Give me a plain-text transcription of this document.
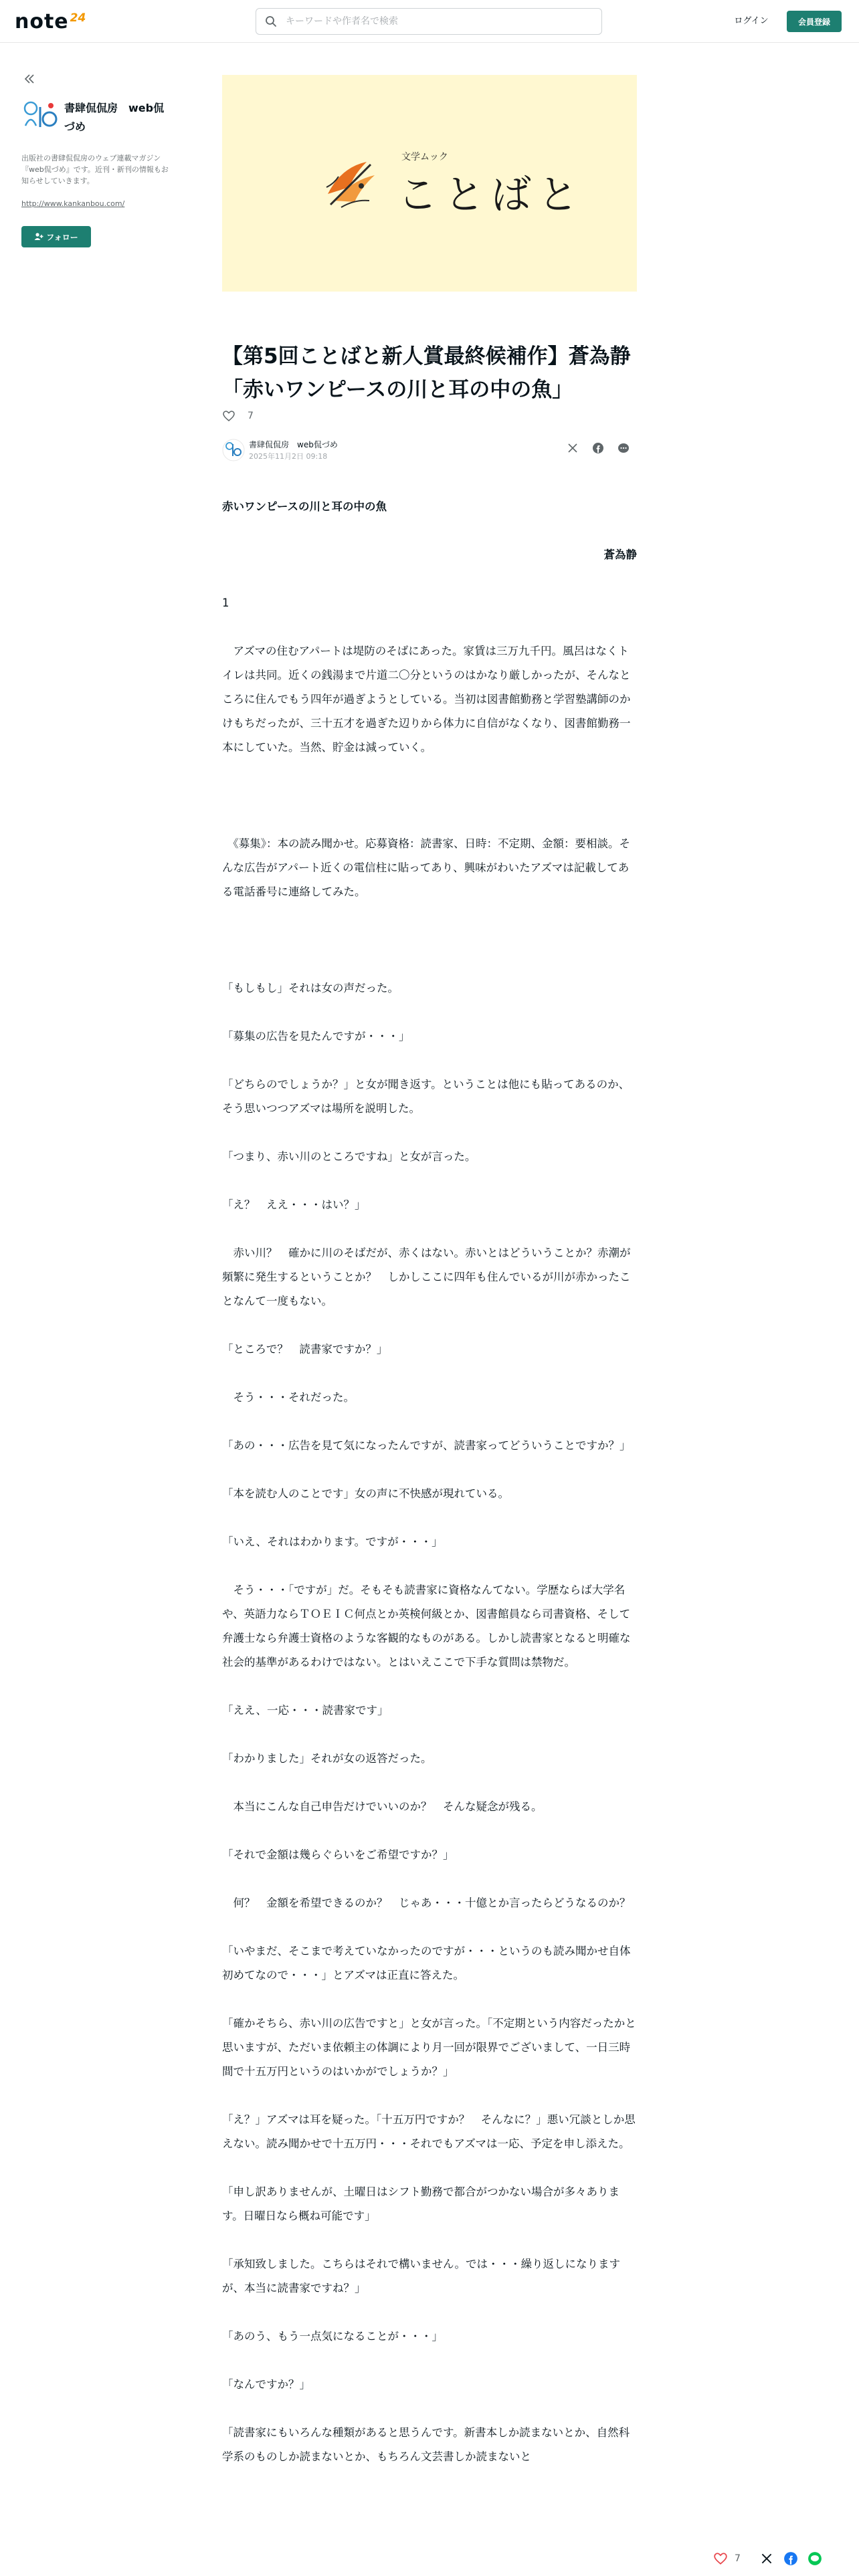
note 24
キーワードや作者名で検索	ログイン	会員登録
書肆侃侃房　web侃づめ
出版社の書肆侃侃房のウェブ連載マガジン『web侃づめ』です。近刊・新刊の情報もお知らせしていきます。
http://www.kankanbou.com/
フォロー
文学ムック
ことばと
【第5回ことばと新人賞最終候補作】蒼為静「赤いワンピースの川と耳の中の魚」
7
書肆侃侃房　web侃づめ
2025年11月2日 09:18
赤いワンピースの川と耳の中の魚
蒼為静
1

　アズマの住むアパートは堤防のそばにあった。家賃は三万九千円。風呂はなくトイレは共同。近くの銭湯まで片道二〇分というのはかなり厳しかったが、そんなところに住んでもう四年が過ぎようとしている。当初は図書館勤務と学習塾講師のかけもちだったが、三十五才を過ぎた辺りから体力に自信がなくなり、図書館勤務一本にしていた。当然、貯金は減っていく。

　《募集》：本の読み聞かせ。応募資格：読書家、日時：不定期、金額：要相談。そんな広告がアパート近くの電信柱に貼ってあり、興味がわいたアズマは記載してある電話番号に連絡してみた。

「もしもし」それは女の声だった。

「募集の広告を見たんですが・・・」

「どちらのでしょうか？」と女が聞き返す。ということは他にも貼ってあるのか、そう思いつつアズマは場所を説明した。

「つまり、赤い川のところですね」と女が言った。

「え？　ええ・・・はい？」

　赤い川？　確かに川のそばだが、赤くはない。赤いとはどういうことか？赤潮が頻繁に発生するということか？　しかしここに四年も住んでいるが川が赤かったことなんて一度もない。

「ところで？　読書家ですか？」

　そう・・・それだった。

「あの・・・広告を見て気になったんですが、読書家ってどういうことですか？」

「本を読む人のことです」女の声に不快感が現れている。

「いえ、それはわかります。ですが・・・」

　そう・・・「ですが」だ。そもそも読書家に資格なんてない。学歴ならば大学名や、英語力ならＴＯＥＩＣ何点とか英検何級とか、図書館員なら司書資格、そして弁護士なら弁護士資格のような客観的なものがある。しかし読書家となると明確な社会的基準があるわけではない。とはいえここで下手な質問は禁物だ。

「ええ、一応・・・読書家です」

「わかりました」それが女の返答だった。

　本当にこんな自己申告だけでいいのか？　そんな疑念が残る。

「それで金額は幾らぐらいをご希望ですか？」

　何？　金額を希望できるのか？　じゃあ・・・十億とか言ったらどうなるのか？

「いやまだ、そこまで考えていなかったのですが・・・というのも読み聞かせ自体初めてなので・・・」とアズマは正直に答えた。

「確かそちら、赤い川の広告ですと」と女が言った。「不定期という内容だったかと思いますが、ただいま依頼主の体調により月一回が限界でございまして、一日三時間で十五万円というのはいかがでしょうか？」

「え？」アズマは耳を疑った。「十五万円ですか？　そんなに？」悪い冗談としか思えない。読み聞かせで十五万円・・・それでもアズマは一応、予定を申し添えた。

「申し訳ありませんが、土曜日はシフト勤務で都合がつかない場合が多々あります。日曜日なら概ね可能です」

「承知致しました。こちらはそれで構いません。では・・・繰り返しになりますが、本当に読書家ですね？」

「あのう、もう一点気になることが・・・」

「なんですか？」

「読書家にもいろんな種類があると思うんです。新書本しか読まないとか、自然科学系のものしか読まないとか、もちろん文芸書しか読まないと

7
